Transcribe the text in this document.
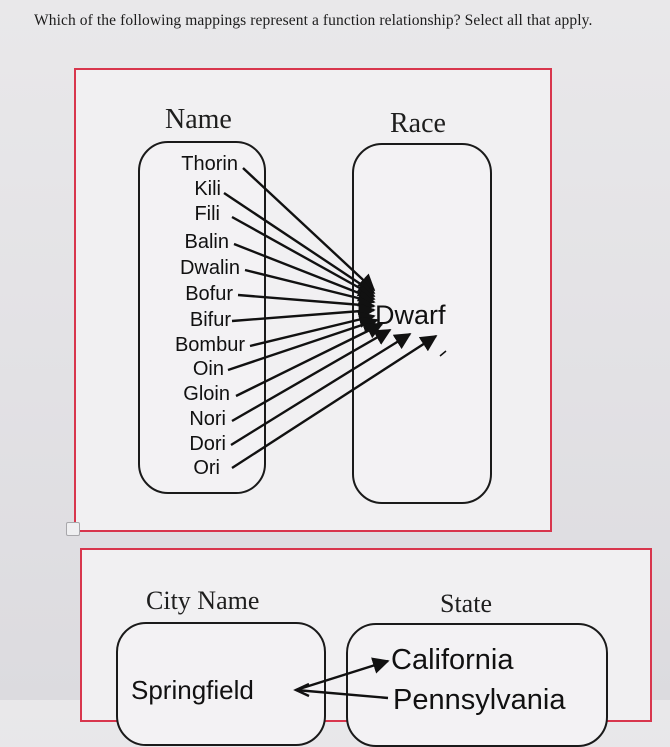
Which of the following mappings represent a function relationship? Select all that apply.
Name	Race
Thorin
Kili
Fili
Balin
Dwalin
Bofur
Bifur
Bombur
Oin
Gloin
Nori
Dori
Ori
Dwarf
City Name	State
Springfield
California
Pennsylvania
